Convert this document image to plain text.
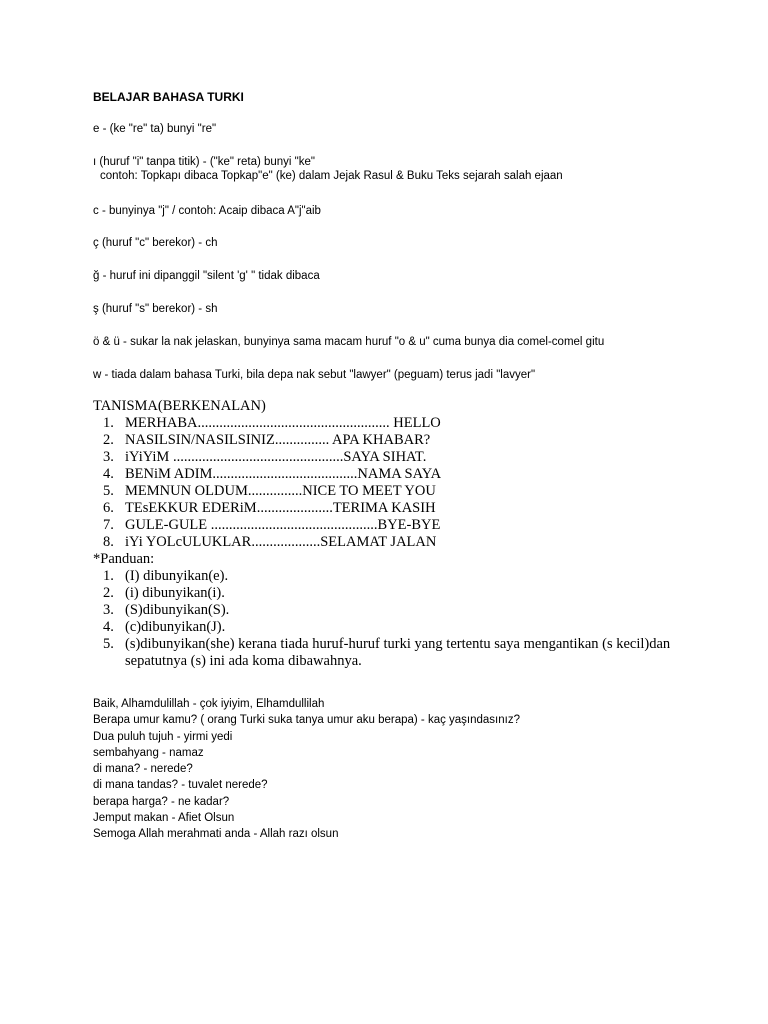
BELAJAR BAHASA TURKI
e - (ke "re" ta) bunyi "re"
ı (huruf "i" tanpa titik) - ("ke" reta) bunyi "ke"
contoh: Topkapı dibaca Topkap"e" (ke) dalam Jejak Rasul & Buku Teks sejarah salah ejaan
c - bunyinya "j" / contoh: Acaip dibaca A"j"aib
ç (huruf "c" berekor) - ch
ğ - huruf ini dipanggil "silent 'g' " tidak dibaca
ş (huruf "s" berekor) - sh
ö & ü - sukar la nak jelaskan, bunyinya sama macam huruf "o & u" cuma bunya dia comel-comel gitu
w - tiada dalam bahasa Turki, bila depa nak sebut "lawyer" (peguam) terus jadi "lavyer"
TANISMA(BERKENALAN)
1. MERHABA..................................................... HELLO
2. NASILSIN/NASILSINIZ............... APA KHABAR?
3. iYiYiM ...............................................SAYA SIHAT.
4. BENiM ADIM........................................NAMA SAYA
5. MEMNUN OLDUM...............NICE TO MEET YOU
6. TEsEKKUR EDERiM.....................TERIMA KASIH
7. GULE-GULE ..............................................BYE-BYE
8. iYi YOLcULUKLAR...................SELAMAT JALAN
*Panduan:
1. (I) dibunyikan(e).
2. (i) dibunyikan(i).
3. (S)dibunyikan(S).
4. (c)dibunyikan(J).
5. (s)dibunyikan(she) kerana tiada huruf-huruf turki yang tertentu saya mengantikan (s kecil)dan sepatutnya (s) ini ada koma dibawahnya.
Baik, Alhamdulillah - çok iyiyim, Elhamdullilah
Berapa umur kamu? ( orang Turki suka tanya umur aku berapa) - kaç yaşındasınız?
Dua puluh tujuh - yirmi yedi
sembahyang - namaz
di mana? - nerede?
di mana tandas? - tuvalet nerede?
berapa harga? - ne kadar?
Jemput makan - Afiet Olsun
Semoga Allah merahmati anda - Allah razı olsun
